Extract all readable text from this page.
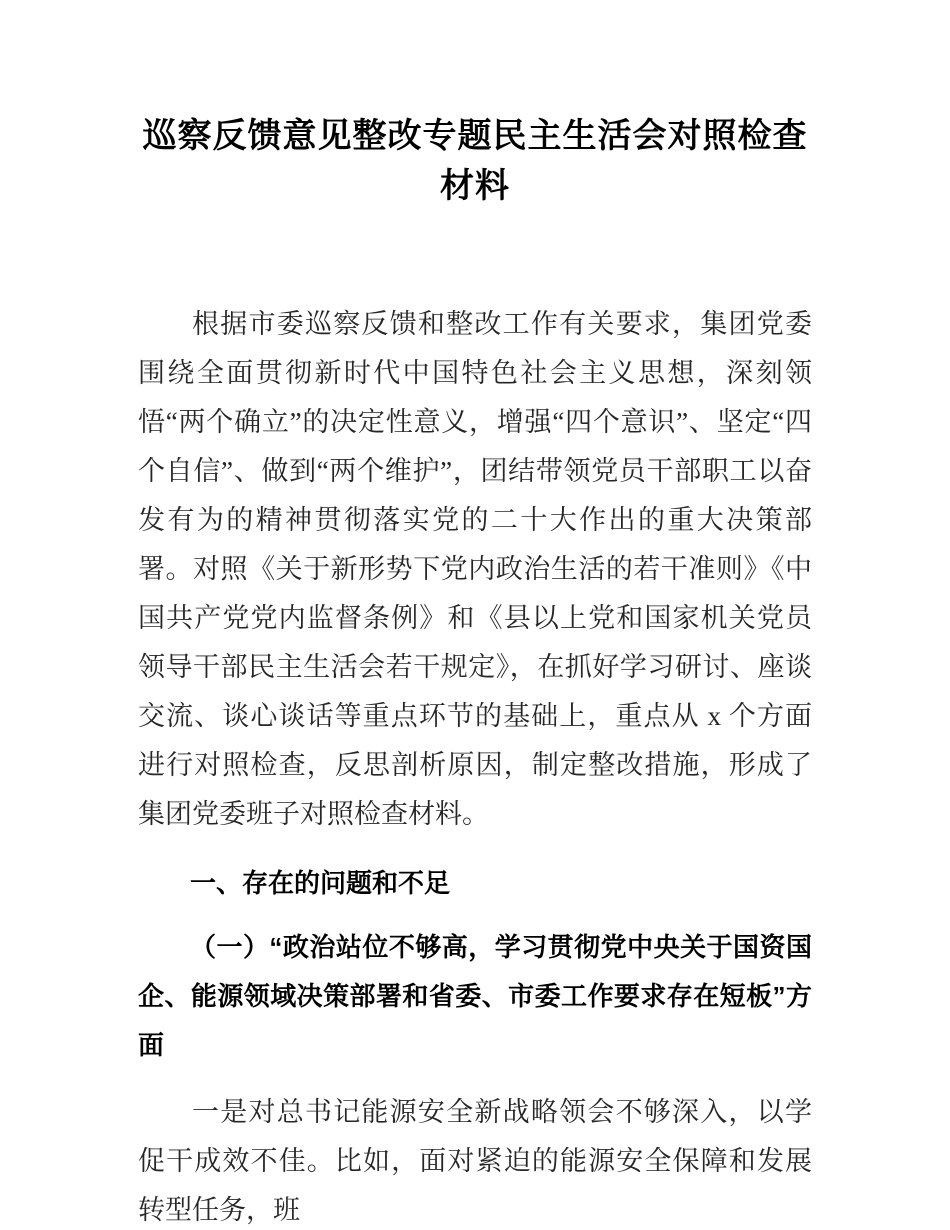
巡察反馈意见整改专题民主生活会对照检查
材料

根据市委巡察反馈和整改工作有关要求，集团党委围绕全面贯彻新时代中国特色社会主义思想，深刻领悟“两个确立”的决定性意义，增强“四个意识”、坚定“四个自信”、做到“两个维护”，团结带领党员干部职工以奋发有为的精神贯彻落实党的二十大作出的重大决策部署。对照《关于新形势下党内政治生活的若干准则》《中国共产党党内监督条例》和《县以上党和国家机关党员领导干部民主生活会若干规定》，在抓好学习研讨、座谈交流、谈心谈话等重点环节的基础上，重点从 x 个方面进行对照检查，反思剖析原因，制定整改措施，形成了集团党委班子对照检查材料。

一、存在的问题和不足
（一）“政治站位不够高，学习贯彻党中央关于国资国企、能源领域决策部署和省委、市委工作要求存在短板”方面

一是对总书记能源安全新战略领会不够深入，以学促干成效不佳。比如，面对紧迫的能源安全保障和发展转型任务，班
